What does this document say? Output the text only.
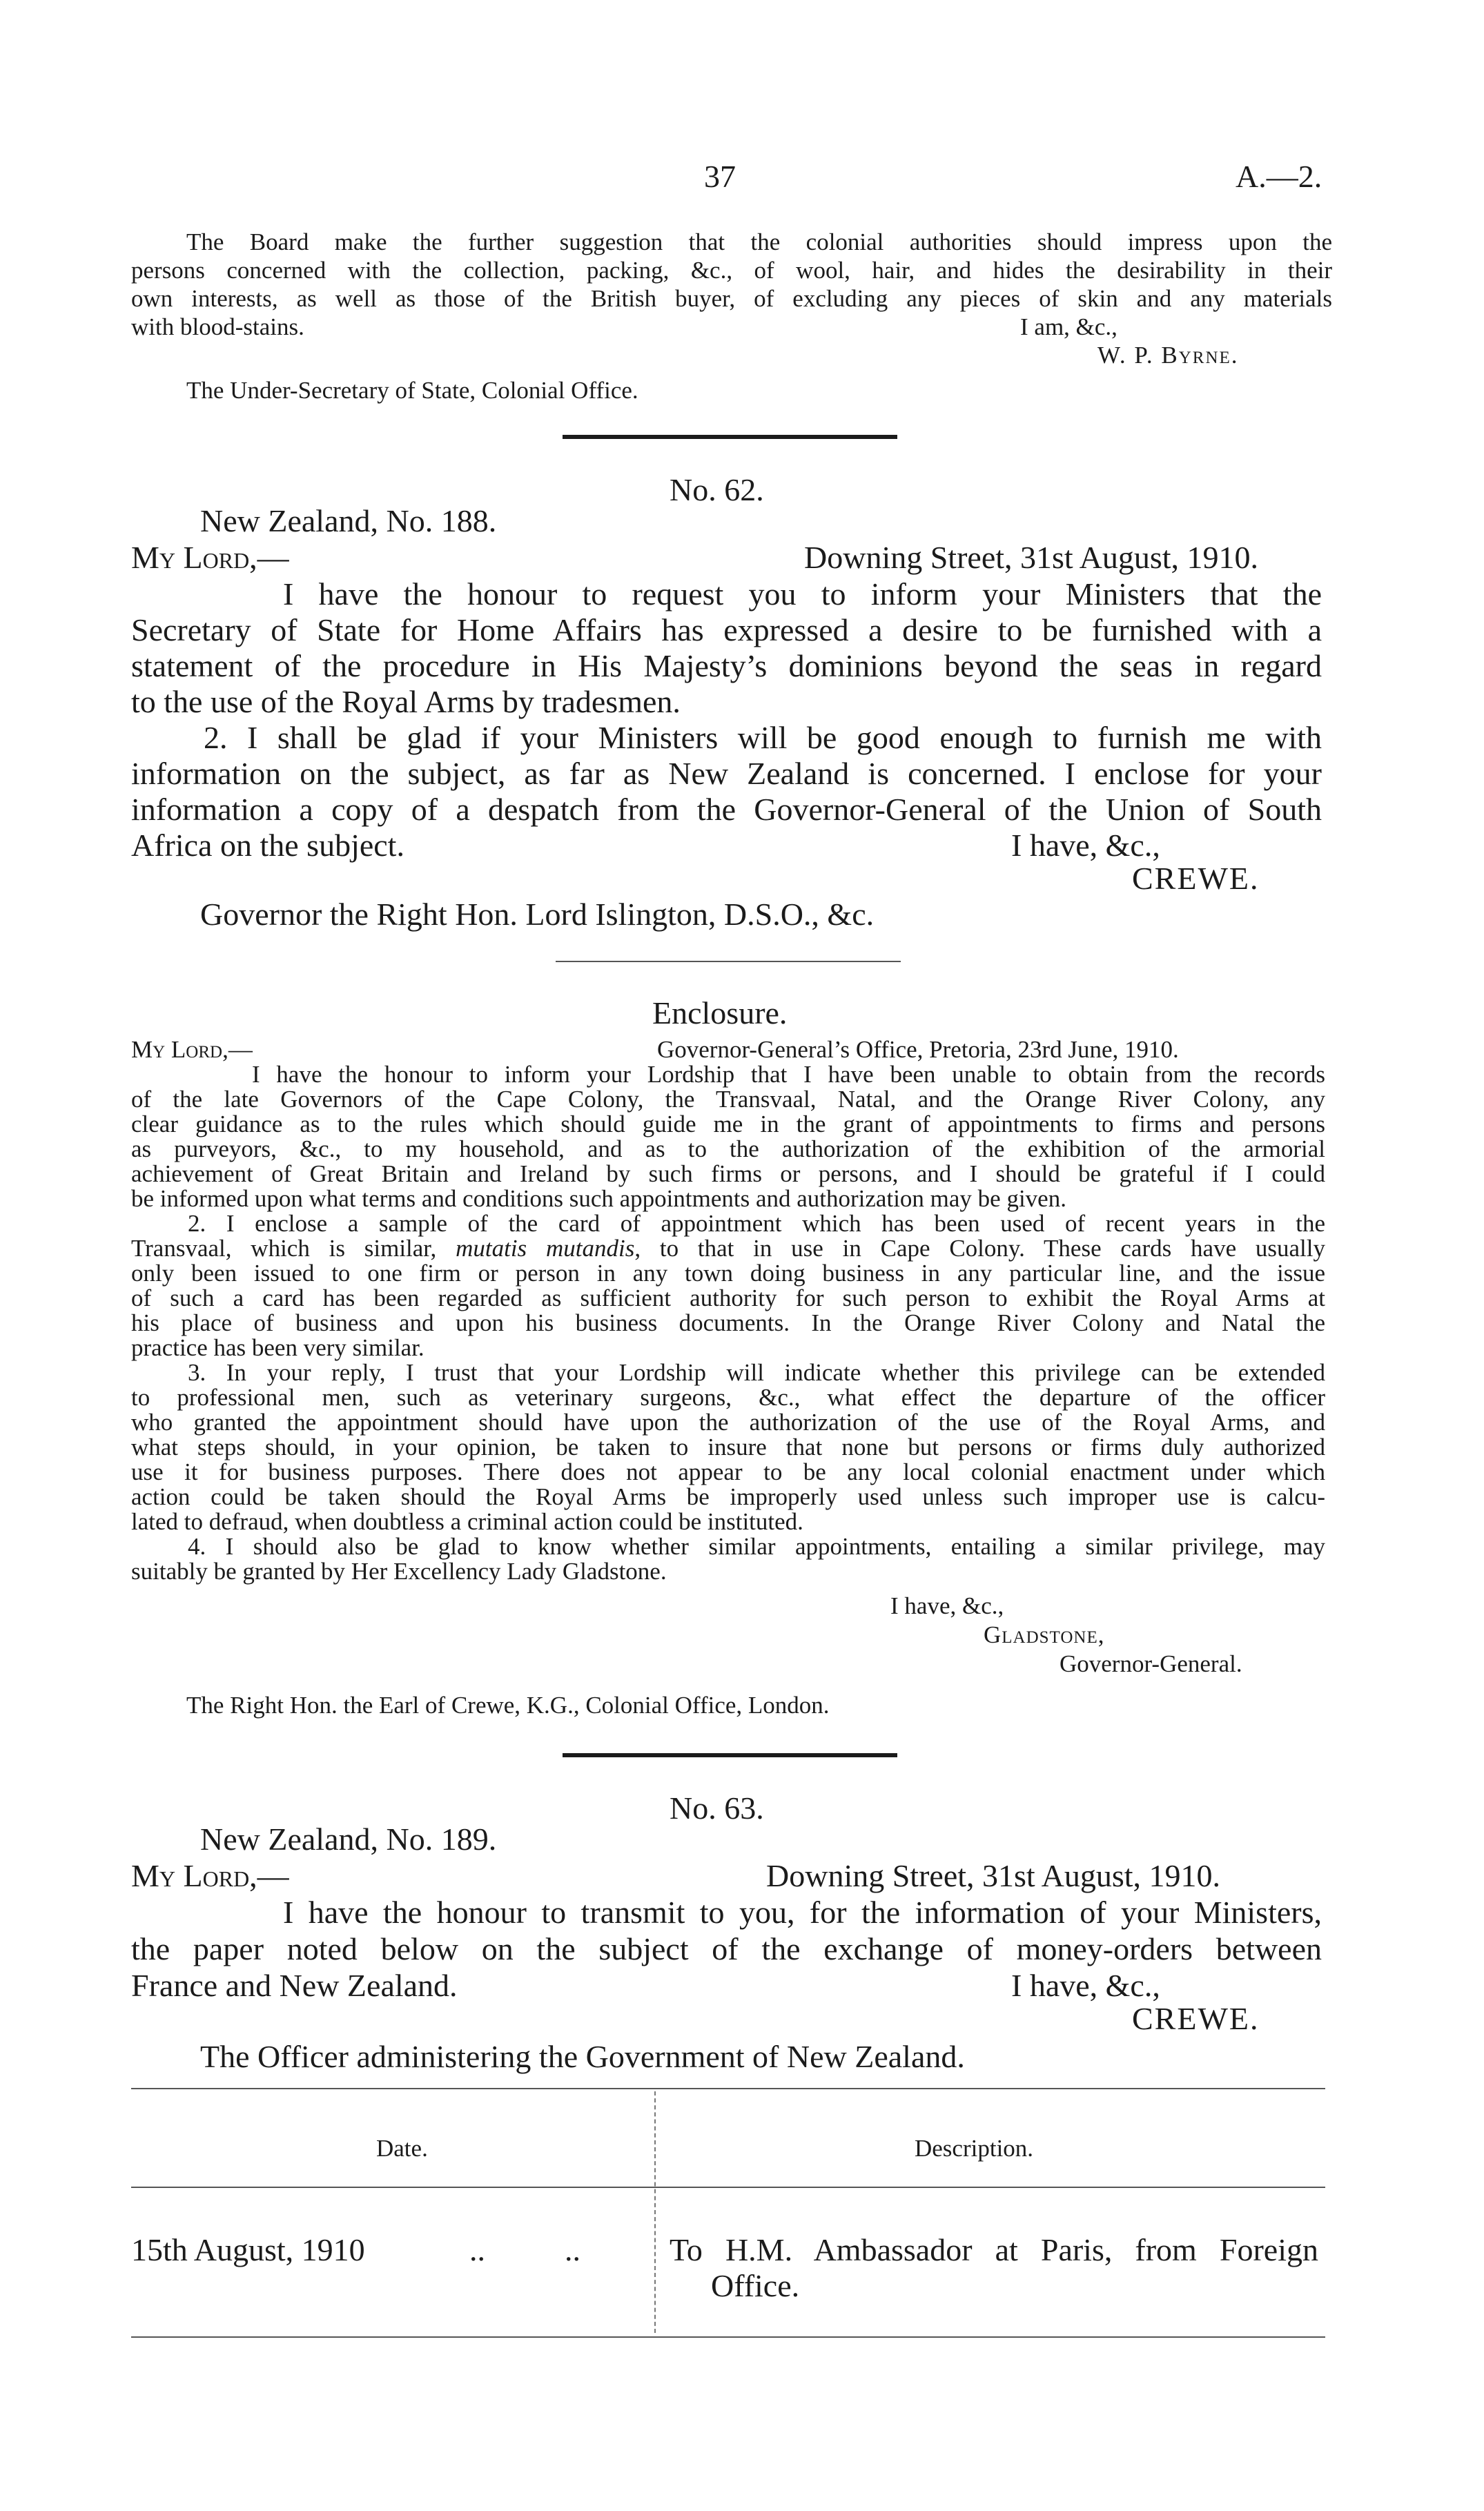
37	A.—2.
The Board make the further suggestion that the colonial authorities should impress upon the
persons concerned with the collection, packing, &c., of wool, hair, and hides the desirability in their
own interests, as well as those of the British buyer, of excluding any pieces of skin and any materials
with blood-stains.	I am, &c.,
W. P. Byrne.
The Under-Secretary of State, Colonial Office.
No. 62.
New Zealand, No. 188.
My Lord,—	Downing Street, 31st August, 1910.
I have the honour to request you to inform your Ministers that the
Secretary of State for Home Affairs has expressed a desire to be furnished with a
statement of the procedure in His Majesty’s dominions beyond the seas in regard
to the use of the Royal Arms by tradesmen.
2. I shall be glad if your Ministers will be good enough to furnish me with
information on the subject, as far as New Zealand is concerned. I enclose for your
information a copy of a despatch from the Governor-General of the Union of South
Africa on the subject.	I have, &c.,
CREWE.
Governor the Right Hon. Lord Islington, D.S.O., &c.
Enclosure.
My Lord,—	Governor-General’s Office, Pretoria, 23rd June, 1910.
I have the honour to inform your Lordship that I have been unable to obtain from the records
of the late Governors of the Cape Colony, the Transvaal, Natal, and the Orange River Colony, any
clear guidance as to the rules which should guide me in the grant of appointments to firms and persons
as purveyors, &c., to my household, and as to the authorization of the exhibition of the armorial
achievement of Great Britain and Ireland by such firms or persons, and I should be grateful if I could
be informed upon what terms and conditions such appointments and authorization may be given.
2. I enclose a sample of the card of appointment which has been used of recent years in the
Transvaal, which is similar, mutatis mutandis, to that in use in Cape Colony. These cards have usually
only been issued to one firm or person in any town doing business in any particular line, and the issue
of such a card has been regarded as sufficient authority for such person to exhibit the Royal Arms at
his place of business and upon his business documents. In the Orange River Colony and Natal the
practice has been very similar.
3. In your reply, I trust that your Lordship will indicate whether this privilege can be extended
to professional men, such as veterinary surgeons, &c., what effect the departure of the officer
who granted the appointment should have upon the authorization of the use of the Royal Arms, and
what steps should, in your opinion, be taken to insure that none but persons or firms duly authorized
use it for business purposes. There does not appear to be any local colonial enactment under which
action could be taken should the Royal Arms be improperly used unless such improper use is calcu-
lated to defraud, when doubtless a criminal action could be instituted.
4. I should also be glad to know whether similar appointments, entailing a similar privilege, may
suitably be granted by Her Excellency Lady Gladstone.
I have, &c.,
Gladstone,
Governor-General.
The Right Hon. the Earl of Crewe, K.G., Colonial Office, London.
No. 63.
New Zealand, No. 189.
My Lord,—	Downing Street, 31st August, 1910.
I have the honour to transmit to you, for the information of your Ministers,
the paper noted below on the subject of the exchange of money-orders between
France and New Zealand.	I have, &c.,
CREWE.
The Officer administering the Government of New Zealand.
Date.	Description.
15th August, 1910	..          ..	To H.M. Ambassador at Paris, from Foreign
Office.
